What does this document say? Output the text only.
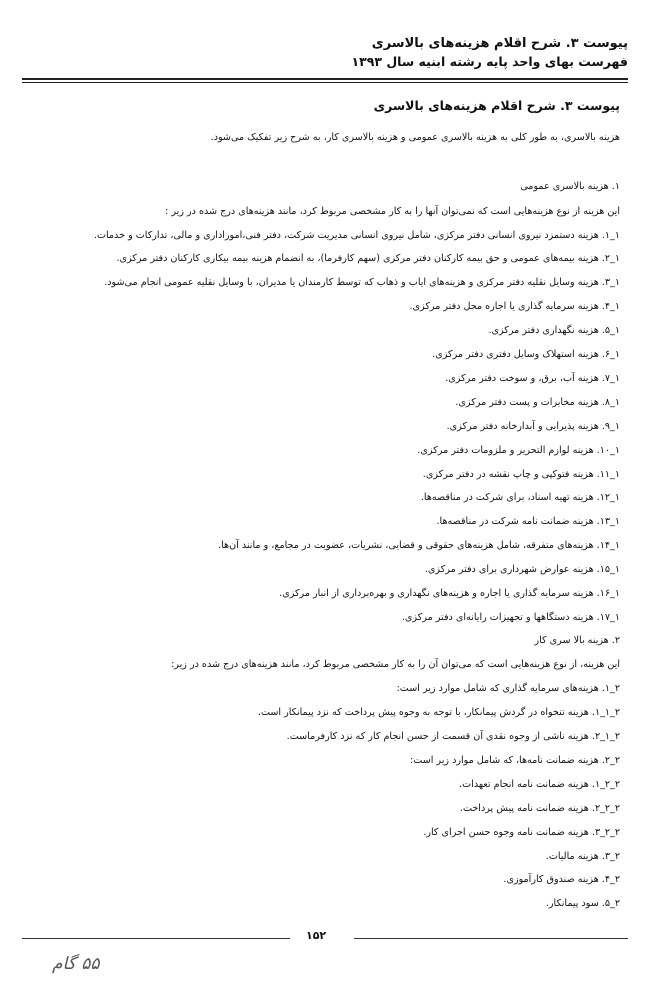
پیوست ۳. شرح اقلام هزینه‌های بالاسری
فهرست بهای واحد پایه رشته ابنیه سال ۱۳۹۳
پیوست ۳. شرح اقلام هزینه‌های بالاسری
هزینه بالاسری، به طور کلی به هزینه بالاسری عمومی و هزینه بالاسری کار، به شرح زیر تفکیک می‌شود.
۱. هزینه بالاسری عمومی
این هزینه از نوع هزینه‌هایی است که نمی‌توان آنها را به کار مشخصی مربوط کرد، مانند هزینه‌های درج شده در زیر :
۱_۱. هزینه دستمزد نیروی انسانی دفتر مرکزی، شامل نیروی انسانی مدیریت شرکت، دفتر فنی،اموراداری و مالی، تدارکات و خدمات.
۱_۲. هزینه بیمه‌های عمومی و حق بیمه کارکنان دفتر مرکزی (سهم کارفرما)، به انضمام هزینه بیمه بیکاری کارکنان دفتر مرکزی.
۱_۳. هزینه وسایل نقلیه دفتر مرکزی و هزینه‌های ایاب و ذهاب که توسط کارمندان یا مدیران، با وسایل نقلیه عمومی انجام می‌شود.
۱_۴. هزینه سرمایه گذاری یا اجاره محل دفتر مرکزی.
۱_۵. هزینه نگهداری دفتر مرکزی.
۱_۶. هزینه استهلاک وسایل دفتری دفتر مرکزی.
۱_۷. هزینه آب، برق، و سوخت دفتر مرکزی.
۱_۸. هزینه مخابرات و پست دفتر مرکزی.
۱_۹. هزینه پذیرایی و آبدارخانه دفتر مرکزی.
۱_۱۰. هزینه لوازم التحریر و ملزومات دفتر مرکزی.
۱_۱۱. هزینه فتوکپی و چاپ نقشه در دفتر مرکزی.
۱_۱۲. هزینه تهیه اسناد، برای شرکت در مناقصه‌ها.
۱_۱۳. هزینه ضمانت نامه شرکت در مناقصه‌ها.
۱_۱۴. هزینه‌های متفرقه، شامل هزینه‌های حقوقی و قضایی، نشریات، عضویت در مجامع، و مانند آن‌ها.
۱_۱۵. هزینه عوارض شهرداری برای دفتر مرکزی.
۱_۱۶. هزینه سرمایه گذاری یا اجاره و هزینه‌های نگهداری و بهره‌برداری از انبار مرکزی.
۱_۱۷. هزینه دستگاهها و تجهیزات رایانه‌ای دفتر مرکزی.
۲. هزینه بالا سری کار
این هزینه، از نوع هزینه‌هایی است که می‌توان آن را به کار مشخصی مربوط کرد، مانند هزینه‌های درج شده در زیر:
۲_۱. هزینه‌های سرمایه گذاری که شامل موارد زیر است:
۲_۱_۱. هزینه تنخواه در گردش پیمانکار، با توجه به وجوه پیش پرداخت که نزد پیمانکار است.
۲_۱_۲. هزینه ناشی از وجوه نقدی آن قسمت از حسن انجام کار که نزد کارفرماست.
۲_۲. هزینه ضمانت نامه‌ها، که شامل موارد زیر است:
۲_۲_۱. هزینه ضمانت نامه انجام تعهدات.
۲_۲_۲. هزینه ضمانت نامه پیش پرداخت.
۲_۲_۳. هزینه ضمانت نامه وجوه حسن اجرای کار.
۲_۳. هزینه مالیات.
۲_۴. هزینه صندوق کارآموزی.
۲_۵. سود پیمانکار.
۱۵۲
۵۵ گام
